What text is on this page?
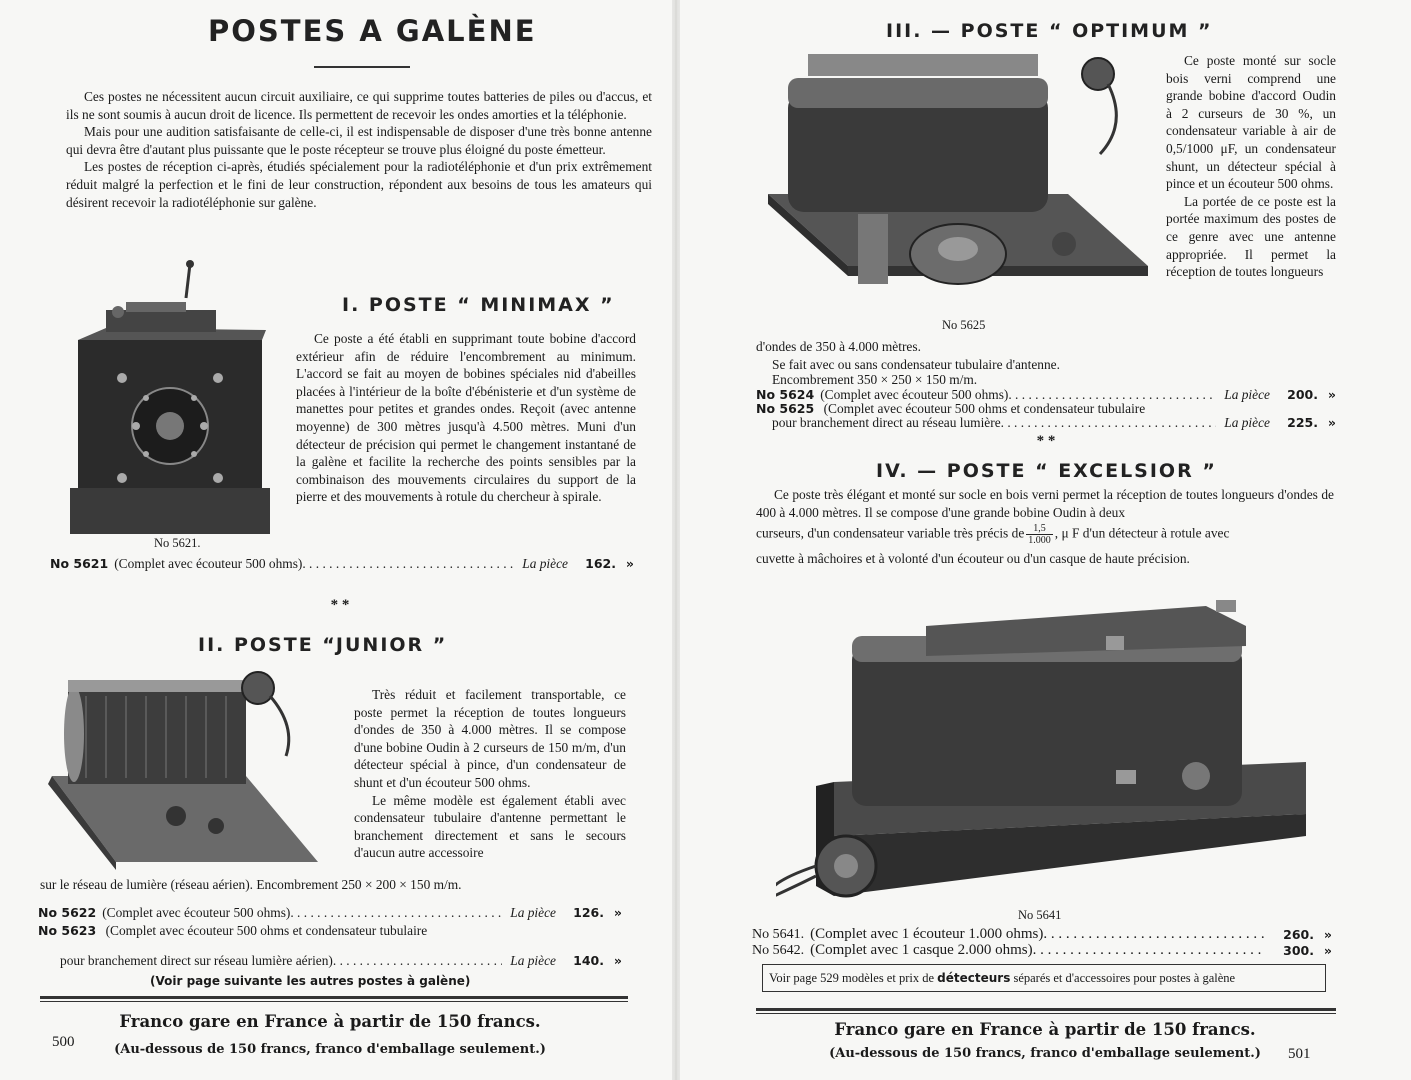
POSTES A GALÈNE

Ces postes ne nécessitent aucun circuit auxiliaire, ce qui supprime toutes batteries de piles ou d'accus, et ils ne sont soumis à aucun droit de licence. Ils permettent de recevoir les ondes amorties et la téléphonie.

Mais pour une audition satisfaisante de celle-ci, il est indispensable de disposer d'une très bonne antenne qui devra être d'autant plus puissante que le poste récepteur se trouve plus éloigné du poste émetteur.

Les postes de réception ci-après, étudiés spécialement pour la radiotéléphonie et d'un prix extrêmement réduit malgré la perfection et le fini de leur construction, répondent aux besoins de tous les amateurs qui désirent recevoir la radiotéléphonie sur galène.

No 5621.
I. POSTE “ MINIMAX ”

Ce poste a été établi en supprimant toute bobine d'accord extérieur afin de réduire l'encombrement au minimum. L'accord se fait au moyen de bobines spéciales nid d'abeilles placées à l'intérieur de la boîte d'ébénisterie et d'un système de manettes pour petites et grandes ondes. Reçoit (avec antenne moyenne) de 300 mètres jusqu'à 4.500 mètres. Muni d'un détecteur de précision qui permet le changement instantané de la galène et facilite la recherche des points sensibles par la combinaison des mouvements circulaires du support de la pierre et des mouvements à rotule du chercheur à spirale.

No 5621 (Complet avec écouteur 500 ohms) . . .	La pièce	162. »
* *
II. POSTE “JUNIOR ”

Très réduit et facilement transportable, ce poste permet la réception de toutes longueurs d'ondes de 350 à 4.000 mètres. Il se compose d'une bobine Oudin à 2 curseurs de 150 m/m, d'un détecteur spécial à pince, d'un condensateur de shunt et d'un écouteur 500 ohms.

Le même modèle est également établi avec condensateur tubulaire d'antenne permettant le branchement directement et sans le secours d'aucun autre accessoire

sur le réseau de lumière (réseau aérien). Encombrement 250 × 200 × 150 m/m.
No 5622 (Complet avec écouteur 500 ohms) . . .	La pièce	126. »
No 5623 (Complet avec écouteur 500 ohms et condensateur tubulaire
pour branchement direct sur réseau lumière aérien) . . .	La pièce	140. »
(Voir page suivante les autres postes à galène)
Franco gare en France à partir de 150 francs.
500	(Au-dessous de 150 francs, franco d'emballage seulement.)
III. — POSTE “ OPTIMUM ”
No 5625

Ce poste monté sur socle bois verni comprend une grande bobine d'accord Oudin à 2 curseurs de 30 %, un condensateur variable à air de 0,5/1000 μF, un condensateur shunt, un détecteur spécial à pince et un écouteur 500 ohms.

La portée de ce poste est la portée maximum des postes de ce genre avec une antenne appropriée. Il permet la réception de toutes longueurs

d'ondes de 350 à 4.000 mètres.
Se fait avec ou sans condensateur tubulaire d'antenne.
Encombrement 350 × 250 × 150 m/m.
No 5624 (Complet avec écouteur 500 ohms) . . .	La pièce	200. »
No 5625 (Complet avec écouteur 500 ohms et condensateur tubulaire
pour branchement direct au réseau lumière . . .	La pièce	225. »
* *
IV. — POSTE “ EXCELSIOR ”

Ce poste très élégant et monté sur socle en bois verni permet la réception de toutes longueurs d'ondes de 400 à 4.000 mètres. Il se compose d'une grande bobine Oudin à deux

curseurs, d'un condensateur variable très précis de $\frac{1,5}{1.000}$ , μ F d'un détecteur à rotule avec

cuvette à mâchoires et à volonté d'un écouteur ou d'un casque de haute précision.

No 5641
No 5641. (Complet avec 1 écouteur 1.000 ohms) . . .	260. »
No 5642. (Complet avec 1 casque 2.000 ohms) . . .	300. »
Voir page 529 modèles et prix de détecteurs séparés et d'accessoires pour postes à galène
Franco gare en France à partir de 150 francs.
(Au-dessous de 150 francs, franco d'emballage seulement.)	501
